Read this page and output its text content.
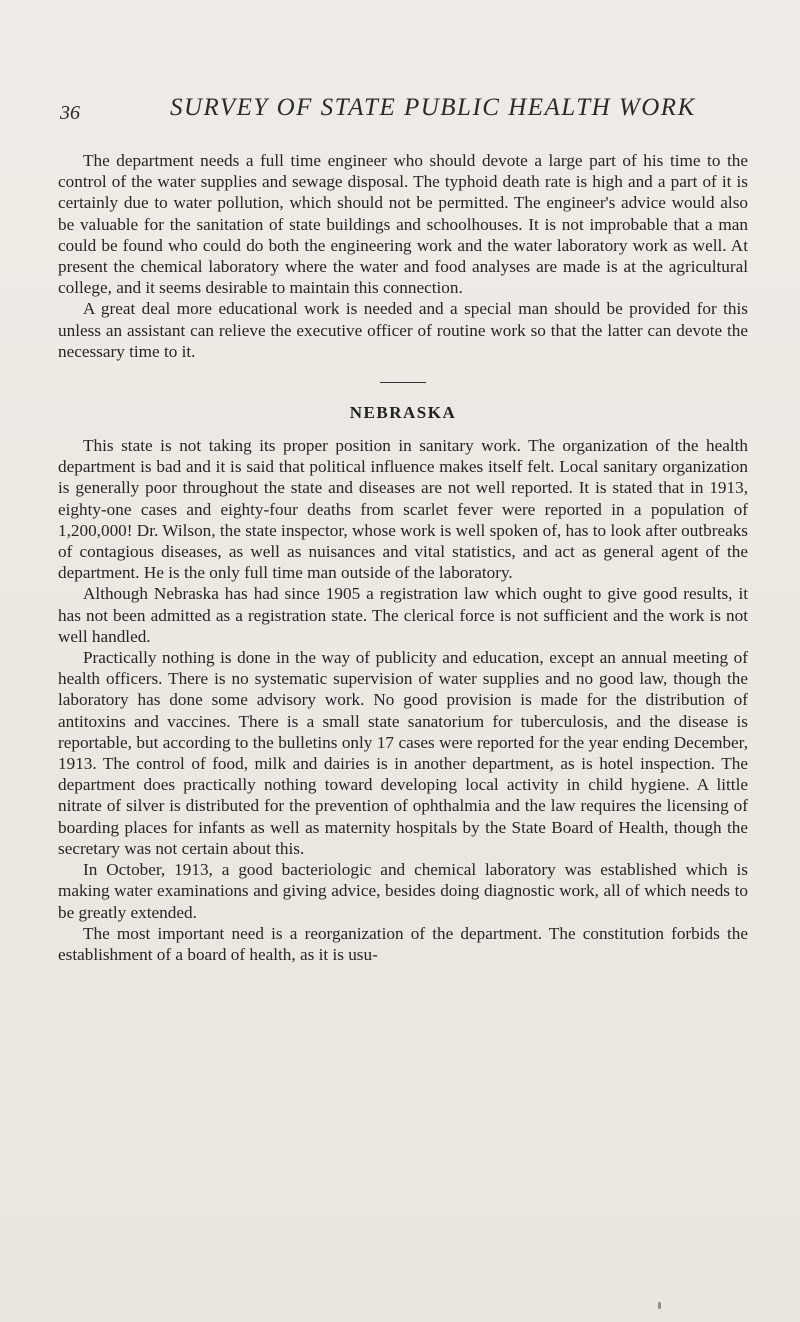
36	SURVEY OF STATE PUBLIC HEALTH WORK

The department needs a full time engineer who should devote a large part of his time to the control of the water supplies and sewage disposal. The typhoid death rate is high and a part of it is certainly due to water pollution, which should not be permitted. The engineer's advice would also be valuable for the sanitation of state buildings and schoolhouses. It is not improbable that a man could be found who could do both the engineering work and the water laboratory work as well. At present the chemical laboratory where the water and food analyses are made is at the agricultural college, and it seems desirable to maintain this connection.

A great deal more educational work is needed and a special man should be provided for this unless an assistant can relieve the executive officer of routine work so that the latter can devote the necessary time to it.

NEBRASKA

This state is not taking its proper position in sanitary work. The organization of the health department is bad and it is said that political influence makes itself felt. Local sanitary organization is generally poor throughout the state and diseases are not well reported. It is stated that in 1913, eighty-one cases and eighty-four deaths from scarlet fever were reported in a population of 1,200,000! Dr. Wilson, the state inspector, whose work is well spoken of, has to look after outbreaks of contagious diseases, as well as nuisances and vital statistics, and act as general agent of the department. He is the only full time man outside of the laboratory.

Although Nebraska has had since 1905 a registration law which ought to give good results, it has not been admitted as a registration state. The clerical force is not sufficient and the work is not well handled.

Practically nothing is done in the way of publicity and education, except an annual meeting of health officers. There is no systematic supervision of water supplies and no good law, though the laboratory has done some advisory work. No good provision is made for the distribution of antitoxins and vaccines. There is a small state sanatorium for tuberculosis, and the disease is reportable, but according to the bulletins only 17 cases were reported for the year ending December, 1913. The control of food, milk and dairies is in another department, as is hotel inspection. The department does practically nothing toward developing local activity in child hygiene. A little nitrate of silver is distributed for the prevention of ophthalmia and the law requires the licensing of boarding places for infants as well as maternity hospitals by the State Board of Health, though the secretary was not certain about this.

In October, 1913, a good bacteriologic and chemical laboratory was established which is making water examinations and giving advice, besides doing diagnostic work, all of which needs to be greatly extended.

The most important need is a reorganization of the department. The constitution forbids the establishment of a board of health, as it is usu-
